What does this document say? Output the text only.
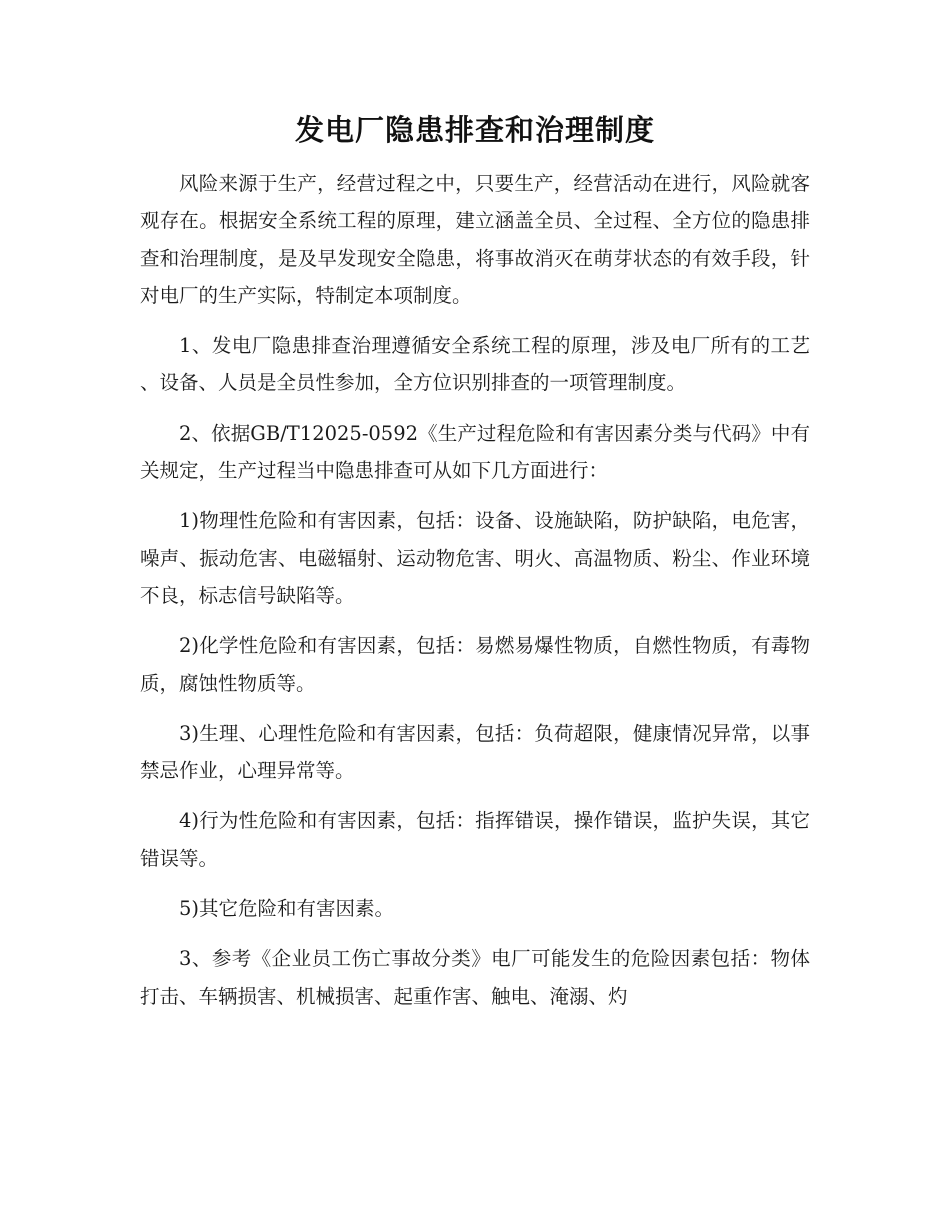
发电厂隐患排查和治理制度

风险来源于生产，经营过程之中，只要生产，经营活动在进行，风险就客观存在。根据安全系统工程的原理，建立涵盖全员、全过程、全方位的隐患排查和治理制度，是及早发现安全隐患，将事故消灭在萌芽状态的有效手段，针对电厂的生产实际，特制定本项制度。

1、发电厂隐患排查治理遵循安全系统工程的原理，涉及电厂所有的工艺、设备、人员是全员性参加，全方位识别排查的一项管理制度。

2、依据GB/T12025-0592《生产过程危险和有害因素分类与代码》中有关规定，生产过程当中隐患排查可从如下几方面进行：

1)物理性危险和有害因素，包括：设备、设施缺陷，防护缺陷，电危害，噪声、振动危害、电磁辐射、运动物危害、明火、高温物质、粉尘、作业环境不良，标志信号缺陷等。

2)化学性危险和有害因素，包括：易燃易爆性物质，自燃性物质，有毒物质，腐蚀性物质等。

3)生理、心理性危险和有害因素，包括：负荷超限，健康情况异常，以事禁忌作业，心理异常等。

4)行为性危险和有害因素，包括：指挥错误，操作错误，监护失误，其它错误等。

5)其它危险和有害因素。

3、参考《企业员工伤亡事故分类》电厂可能发生的危险因素包括：物体打击、车辆损害、机械损害、起重作害、触电、淹溺、灼
